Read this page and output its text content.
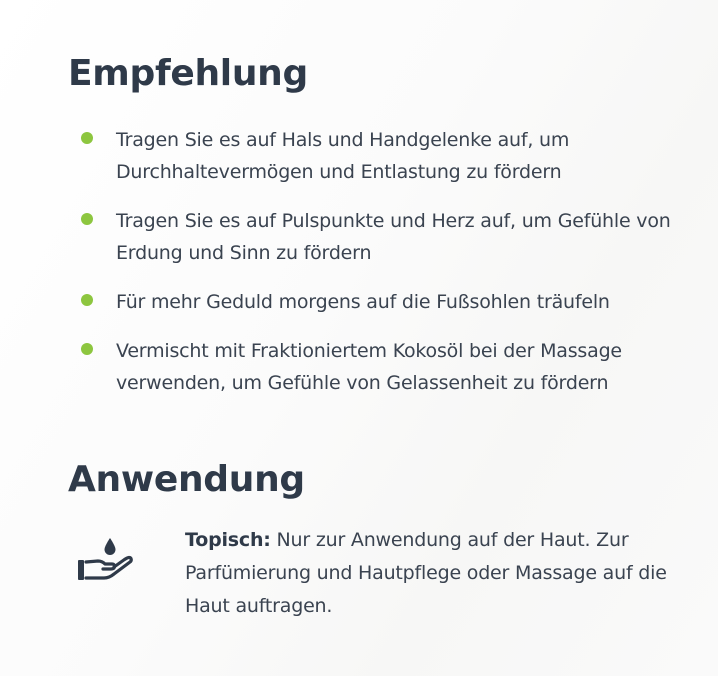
Empfehlung
Tragen Sie es auf Hals und Handgelenke auf, um Durchhaltevermögen und Entlastung zu fördern
Tragen Sie es auf Pulspunkte und Herz auf, um Gefühle von Erdung und Sinn zu fördern
Für mehr Geduld morgens auf die Fußsohlen träufeln
Vermischt mit Fraktioniertem Kokosöl bei der Massage verwenden, um Gefühle von Gelassenheit zu fördern
Anwendung

Topisch: Nur zur Anwendung auf der Haut. Zur Parfümierung und Hautpflege oder Massage auf die Haut auftragen.
